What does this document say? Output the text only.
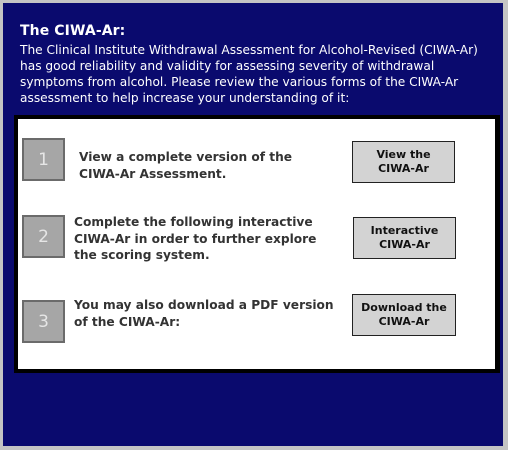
The CIWA-Ar:
The Clinical Institute Withdrawal Assessment for Alcohol-Revised (CIWA-Ar) has good reliability and validity for assessing severity of withdrawal symptoms from alcohol. Please review the various forms of the CIWA-Ar assessment to help increase your understanding of it:
1	View a complete version of the CIWA-Ar Assessment.
View the
CIWA-Ar
2
Complete the following interactive CIWA-Ar in order to further explore the scoring system.
Interactive
CIWA-Ar
3
You may also download a PDF version of the CIWA-Ar:
Download the
CIWA-Ar
